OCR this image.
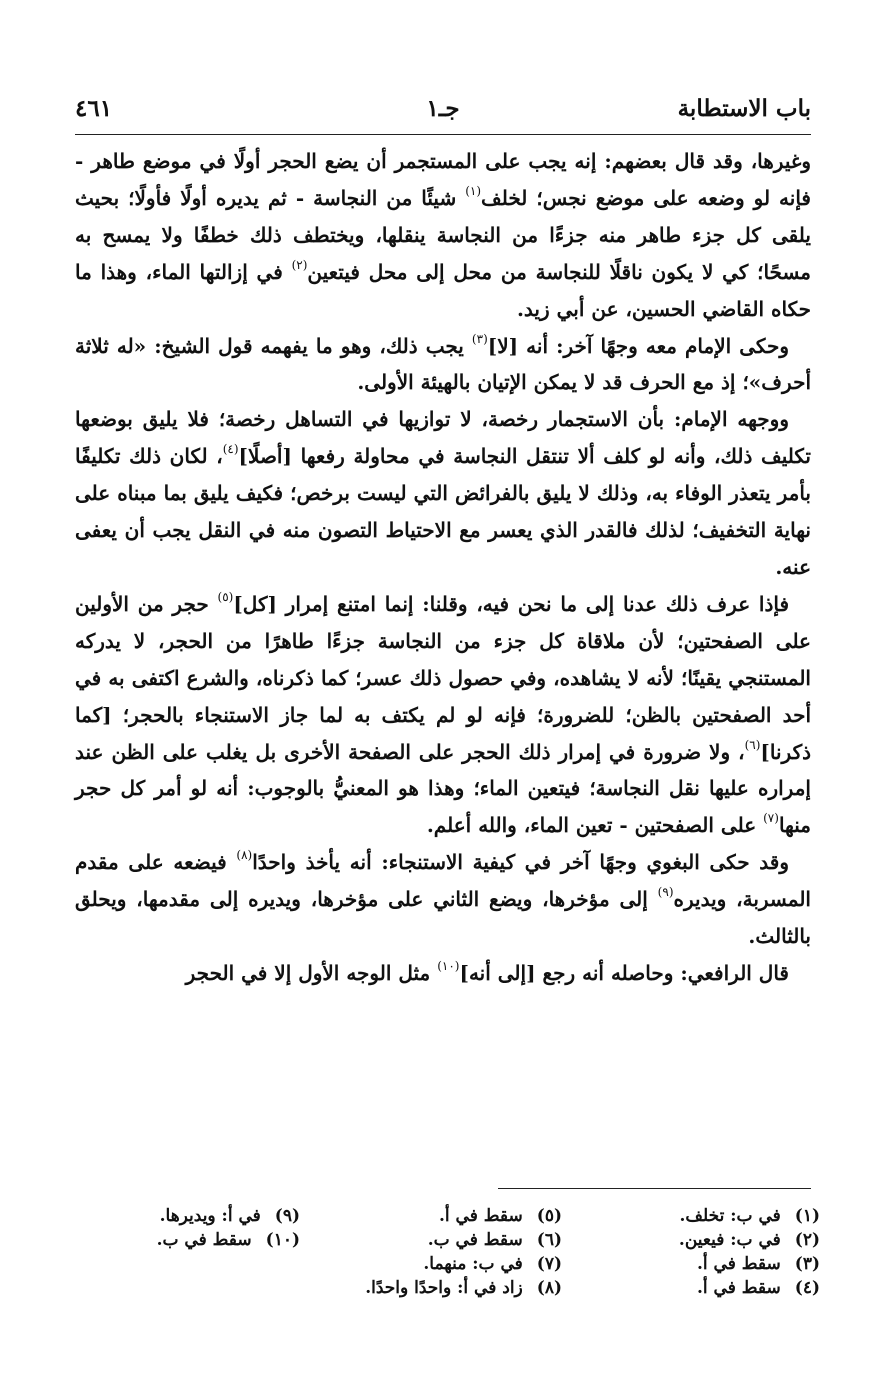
باب الاستطابة
جـ١
٤٦١

وغيرها، وقد قال بعضهم: إنه يجب على المستجمر أن يضع الحجر أولًا في موضع طاهر - فإنه لو وضعه على موضع نجس؛ لخلف$^{(١)}$ شيئًا من النجاسة - ثم يديره أولًا فأولًا؛ بحيث يلقى كل جزء طاهر منه جزءًا من النجاسة ينقلها، ويختطف ذلك خطفًا ولا يمسح به مسحًا؛ كي لا يكون ناقلًا للنجاسة من محل إلى محل فيتعين$^{(٢)}$ في إزالتها الماء، وهذا ما حكاه القاضي الحسين، عن أبي زيد.

وحكى الإمام معه وجهًا آخر: أنه [لا]$^{(٣)}$ يجب ذلك، وهو ما يفهمه قول الشيخ: «له ثلاثة أحرف»؛ إذ مع الحرف قد لا يمكن الإتيان بالهيئة الأولى.

ووجهه الإمام: بأن الاستجمار رخصة، لا توازيها في التساهل رخصة؛ فلا يليق بوضعها تكليف ذلك، وأنه لو كلف ألا تنتقل النجاسة في محاولة رفعها [أصلًا]$^{(٤)}$، لكان ذلك تكليفًا بأمر يتعذر الوفاء به، وذلك لا يليق بالفرائض التي ليست برخص؛ فكيف يليق بما مبناه على نهاية التخفيف؛ لذلك فالقدر الذي يعسر مع الاحتياط التصون منه في النقل يجب أن يعفى عنه.

فإذا عرف ذلك عدنا إلى ما نحن فيه، وقلنا: إنما امتنع إمرار [كل]$^{(٥)}$ حجر من الأولين على الصفحتين؛ لأن ملاقاة كل جزء من النجاسة جزءًا طاهرًا من الحجر، لا يدركه المستنجي يقينًا؛ لأنه لا يشاهده، وفي حصول ذلك عسر؛ كما ذكرناه، والشرع اكتفى به في أحد الصفحتين بالظن؛ للضرورة؛ فإنه لو لم يكتف به لما جاز الاستنجاء بالحجر؛ [كما ذكرنا]$^{(٦)}$، ولا ضرورة في إمرار ذلك الحجر على الصفحة الأخرى بل يغلب على الظن عند إمراره عليها نقل النجاسة؛ فيتعين الماء؛ وهذا هو المعنيُّ بالوجوب: أنه لو أمر كل حجر منها$^{(٧)}$ على الصفحتين - تعين الماء، والله أعلم.

وقد حكى البغوي وجهًا آخر في كيفية الاستنجاء: أنه يأخذ واحدًا$^{(٨)}$ فيضعه على مقدم المسربة، ويديره$^{(٩)}$ إلى مؤخرها، ويضع الثاني على مؤخرها، ويديره إلى مقدمها، ويحلق بالثالث.

قال الرافعي: وحاصله أنه رجع [إلى أنه]$^{(١٠)}$ مثل الوجه الأول إلا في الحجر

(١)في ب: تخلف.
(٢)في ب: فيعين.
(٣)سقط في أ.
(٤)سقط في أ.
(٥)سقط في أ.
(٦)سقط في ب.
(٧)في ب: منهما.
(٨)زاد في أ: واحدًا واحدًا.
(٩)في أ: ويديرها.
(١٠)سقط في ب.
